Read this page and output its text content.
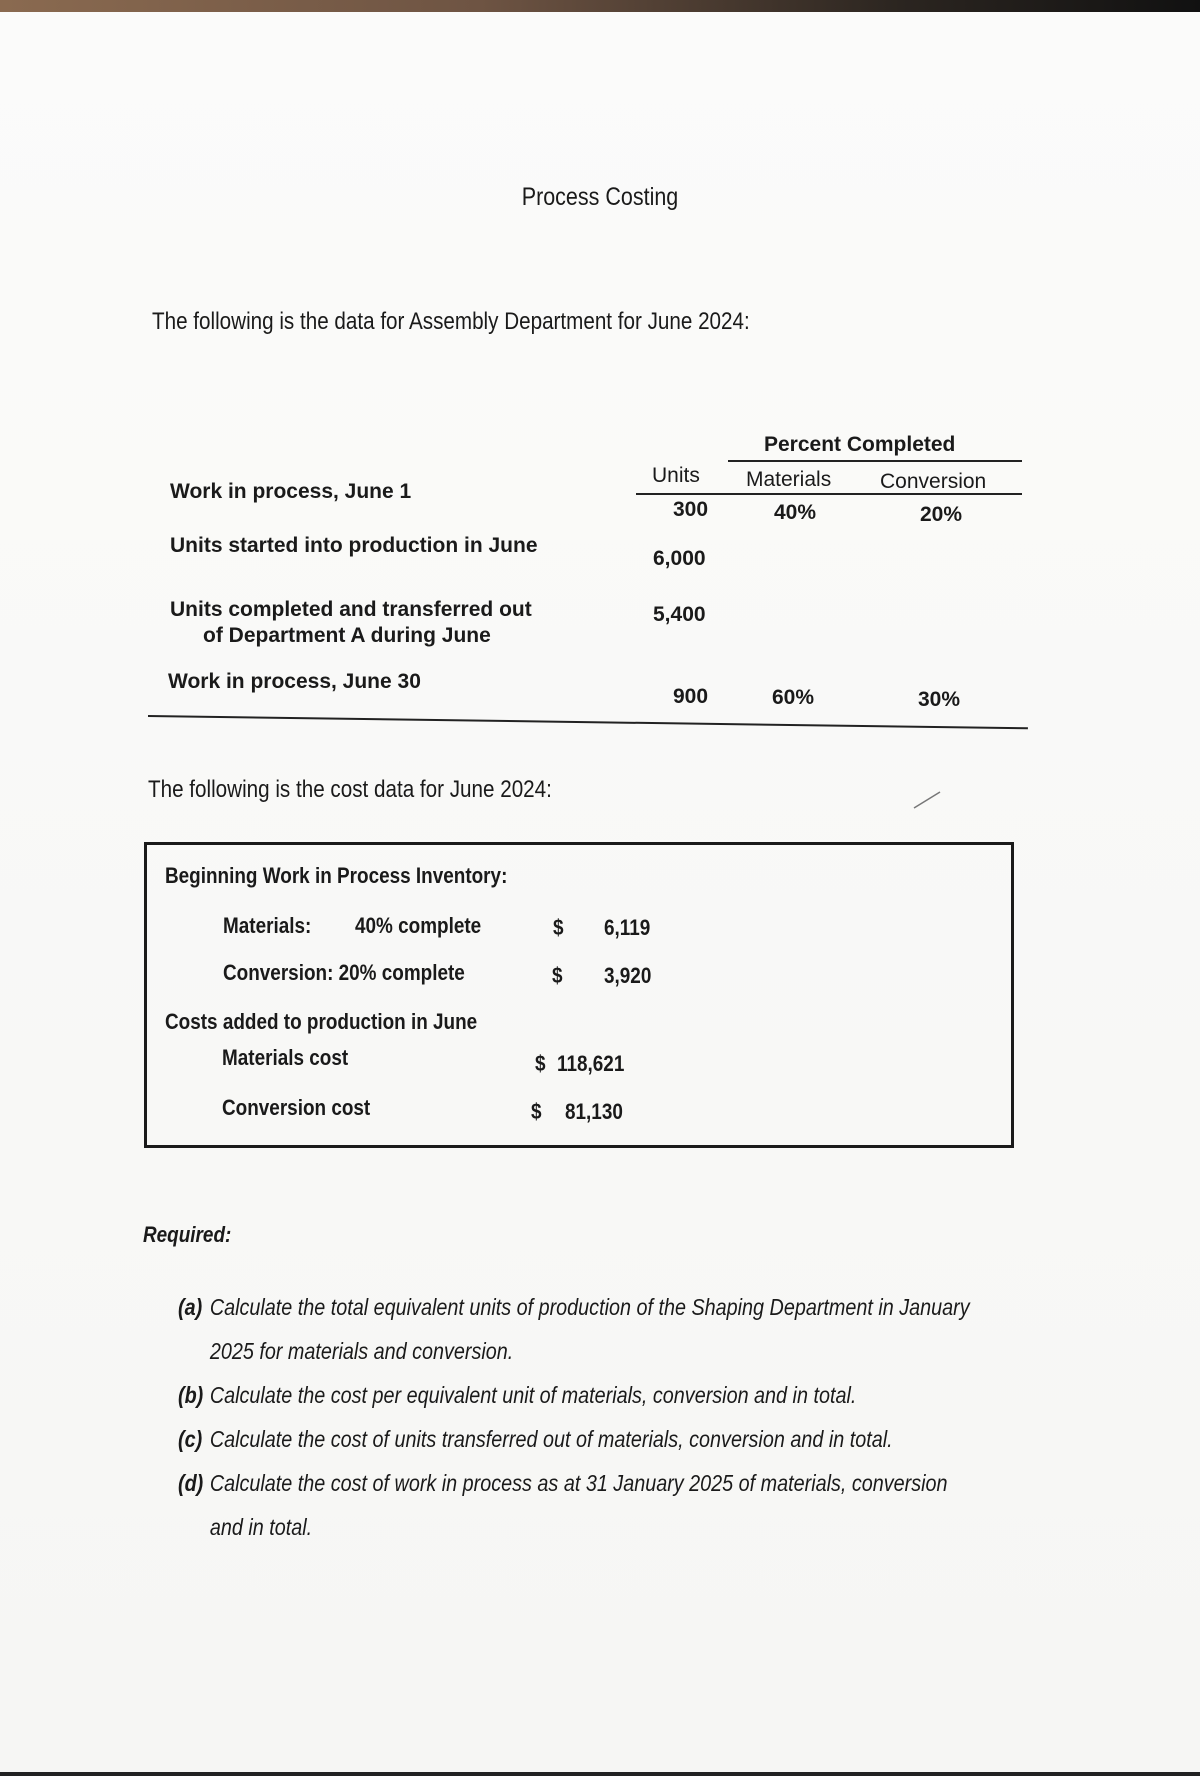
Process Costing
The following is the data for Assembly Department for June 2024:
Percent Completed
Units Materials Conversion
Work in process, June 1
300	40%	20%
Units started into production in June
6,000
Units completed and transferred out
of Department A during June
5,400
Work in process, June 30
900	60%	30%
The following is the cost data for June 2024:
Beginning Work in Process Inventory:
Materials: 40% complete	$ 6,119
Conversion: 20% complete	$ 3,920
Costs added to production in June
Materials cost	$ 118,621
Conversion cost	$ 81,130
Required:
(a) Calculate the total equivalent units of production of the Shaping Department in January
2025 for materials and conversion.
(b) Calculate the cost per equivalent unit of materials, conversion and in total.
(c) Calculate the cost of units transferred out of materials, conversion and in total.
(d) Calculate the cost of work in process as at 31 January 2025 of materials, conversion
and in total.
